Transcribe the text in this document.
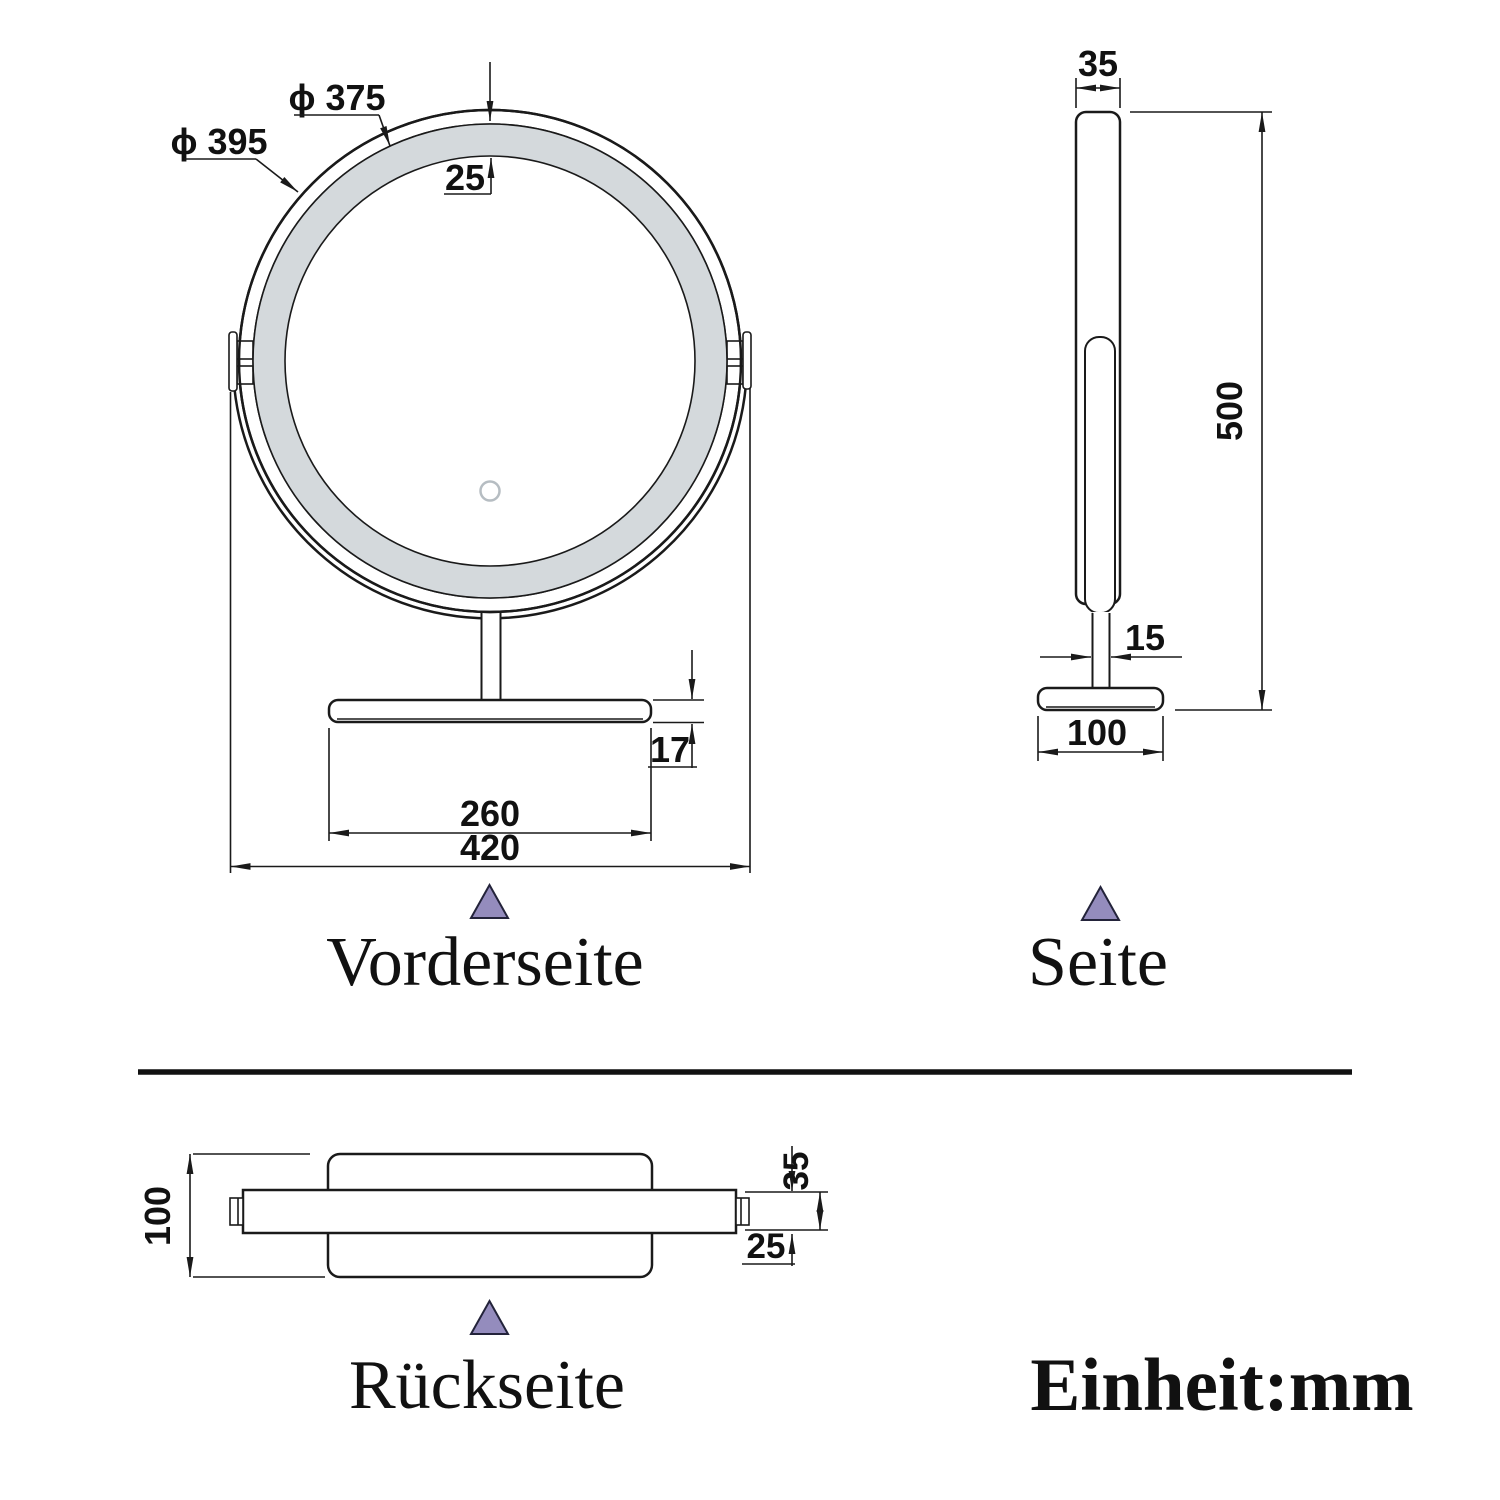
25
ϕ 375
ϕ 395
17
260
420
Vorderseite
35
500
15
100
Seite
100
35
25
Rückseite	Einheit:mm
